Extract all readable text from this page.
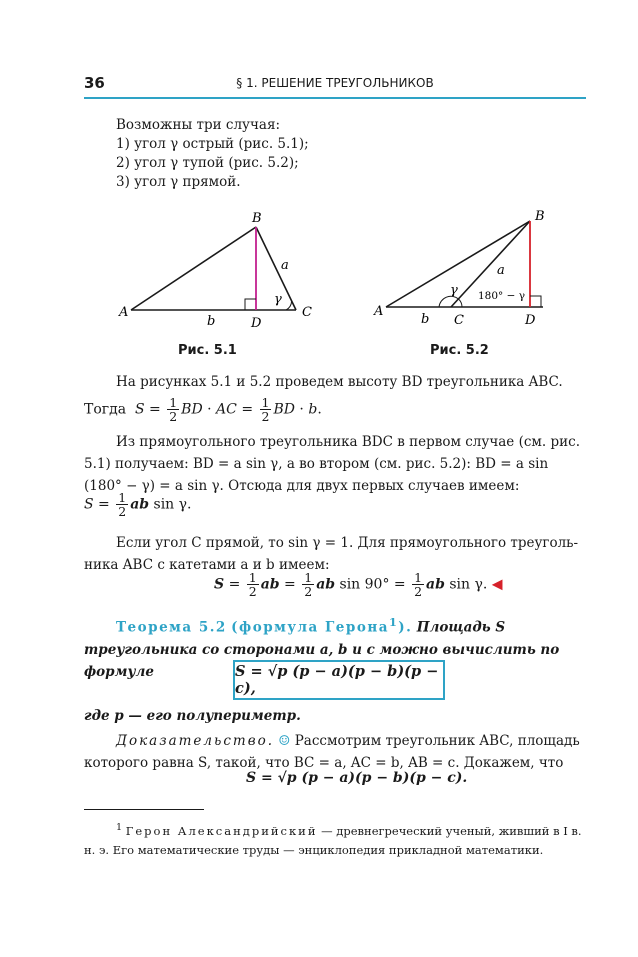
36	§ 1. РЕШЕНИЕ ТРЕУГОЛЬНИКОВ
Возможны три случая:
1) угол γ острый (рис. 5.1);
2) угол γ тупой (рис. 5.2);
3) угол γ прямой.
B
A	C
D
b
a
γ
B
A
C	D
b
a
γ 180° − γ
Рис. 5.1	Рис. 5.2
На рисунках 5.1 и 5.2 проведем высоту BD треугольника ABC.
Тогда  $S = \frac{1}{2}$ BD · AC = $\frac{1}{2}$ BD · b.
Из прямоугольного треугольника BDC в первом случае (см. рис. 5.1) получаем: BD = a sin γ, а во втором (см. рис. 5.2): BD = a sin (180° − γ) = a sin γ. Отсюда для двух первых случаев имеем:
$S = \frac{1}{2}$ ab sin γ.
Если угол C прямой, то sin γ = 1. Для прямоугольного треугольника ABC с катетами a и b имеем:
$S = \frac{1}{2}$ ab = $\frac{1}{2}$ ab $\sin 90^\circ = \frac{1}{2}$ ab sin γ. ◀
Теорема 5.2 (формула Герона$^1$). Площадь S треугольника со сторонами a, b и c можно вычислить по формуле	S = √p (p − a)(p − b)(p − c),
где p — его полупериметр.
Доказательство. ☺ Рассмотрим треугольник ABC, площадь которого равна S, такой, что BC = a, AC = b, AB = c. Докажем, что
S = √p (p − a)(p − b)(p − c).
$^1$ Герон Александрийский — древнегреческий ученый, живший в I в. н. э. Его математические труды — энциклопедия прикладной математики.
